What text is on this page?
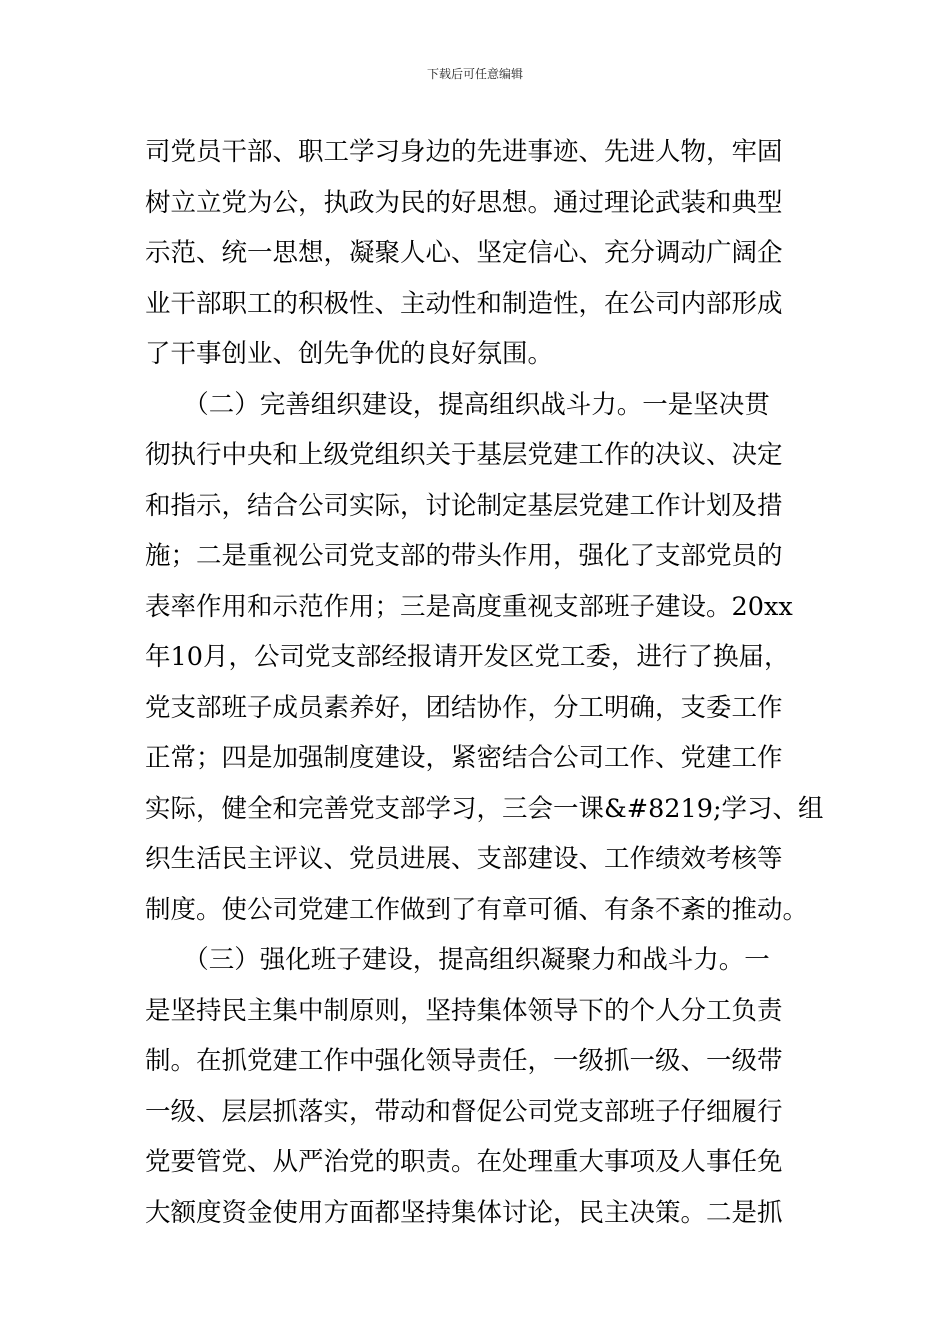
下载后可任意编辑
司党员干部、职工学习身边的先进事迹、先进人物，牢固
树立立党为公，执政为民的好思想。通过理论武装和典型
示范、统一思想，凝聚人心、坚定信心、充分调动广阔企
业干部职工的积极性、主动性和制造性，在公司内部形成
了干事创业、创先争优的良好氛围。
　　（二）完善组织建设，提高组织战斗力。一是坚决贯
彻执行中央和上级党组织关于基层党建工作的决议、决定
和指示，结合公司实际，讨论制定基层党建工作计划及措
施；二是重视公司党支部的带头作用，强化了支部党员的
表率作用和示范作用；三是高度重视支部班子建设。20xx
年10月，公司党支部经报请开发区党工委，进行了换届，
党支部班子成员素养好，团结协作，分工明确，支委工作
正常；四是加强制度建设，紧密结合公司工作、党建工作
实际，健全和完善党支部学习，三会一课&#8219;学习、组
织生活民主评议、党员进展、支部建设、工作绩效考核等
制度。使公司党建工作做到了有章可循、有条不紊的推动。
　　（三）强化班子建设，提高组织凝聚力和战斗力。一
是坚持民主集中制原则，坚持集体领导下的个人分工负责
制。在抓党建工作中强化领导责任，一级抓一级、一级带
一级、层层抓落实，带动和督促公司党支部班子仔细履行
党要管党、从严治党的职责。在处理重大事项及人事任免
大额度资金使用方面都坚持集体讨论，民主决策。二是抓
